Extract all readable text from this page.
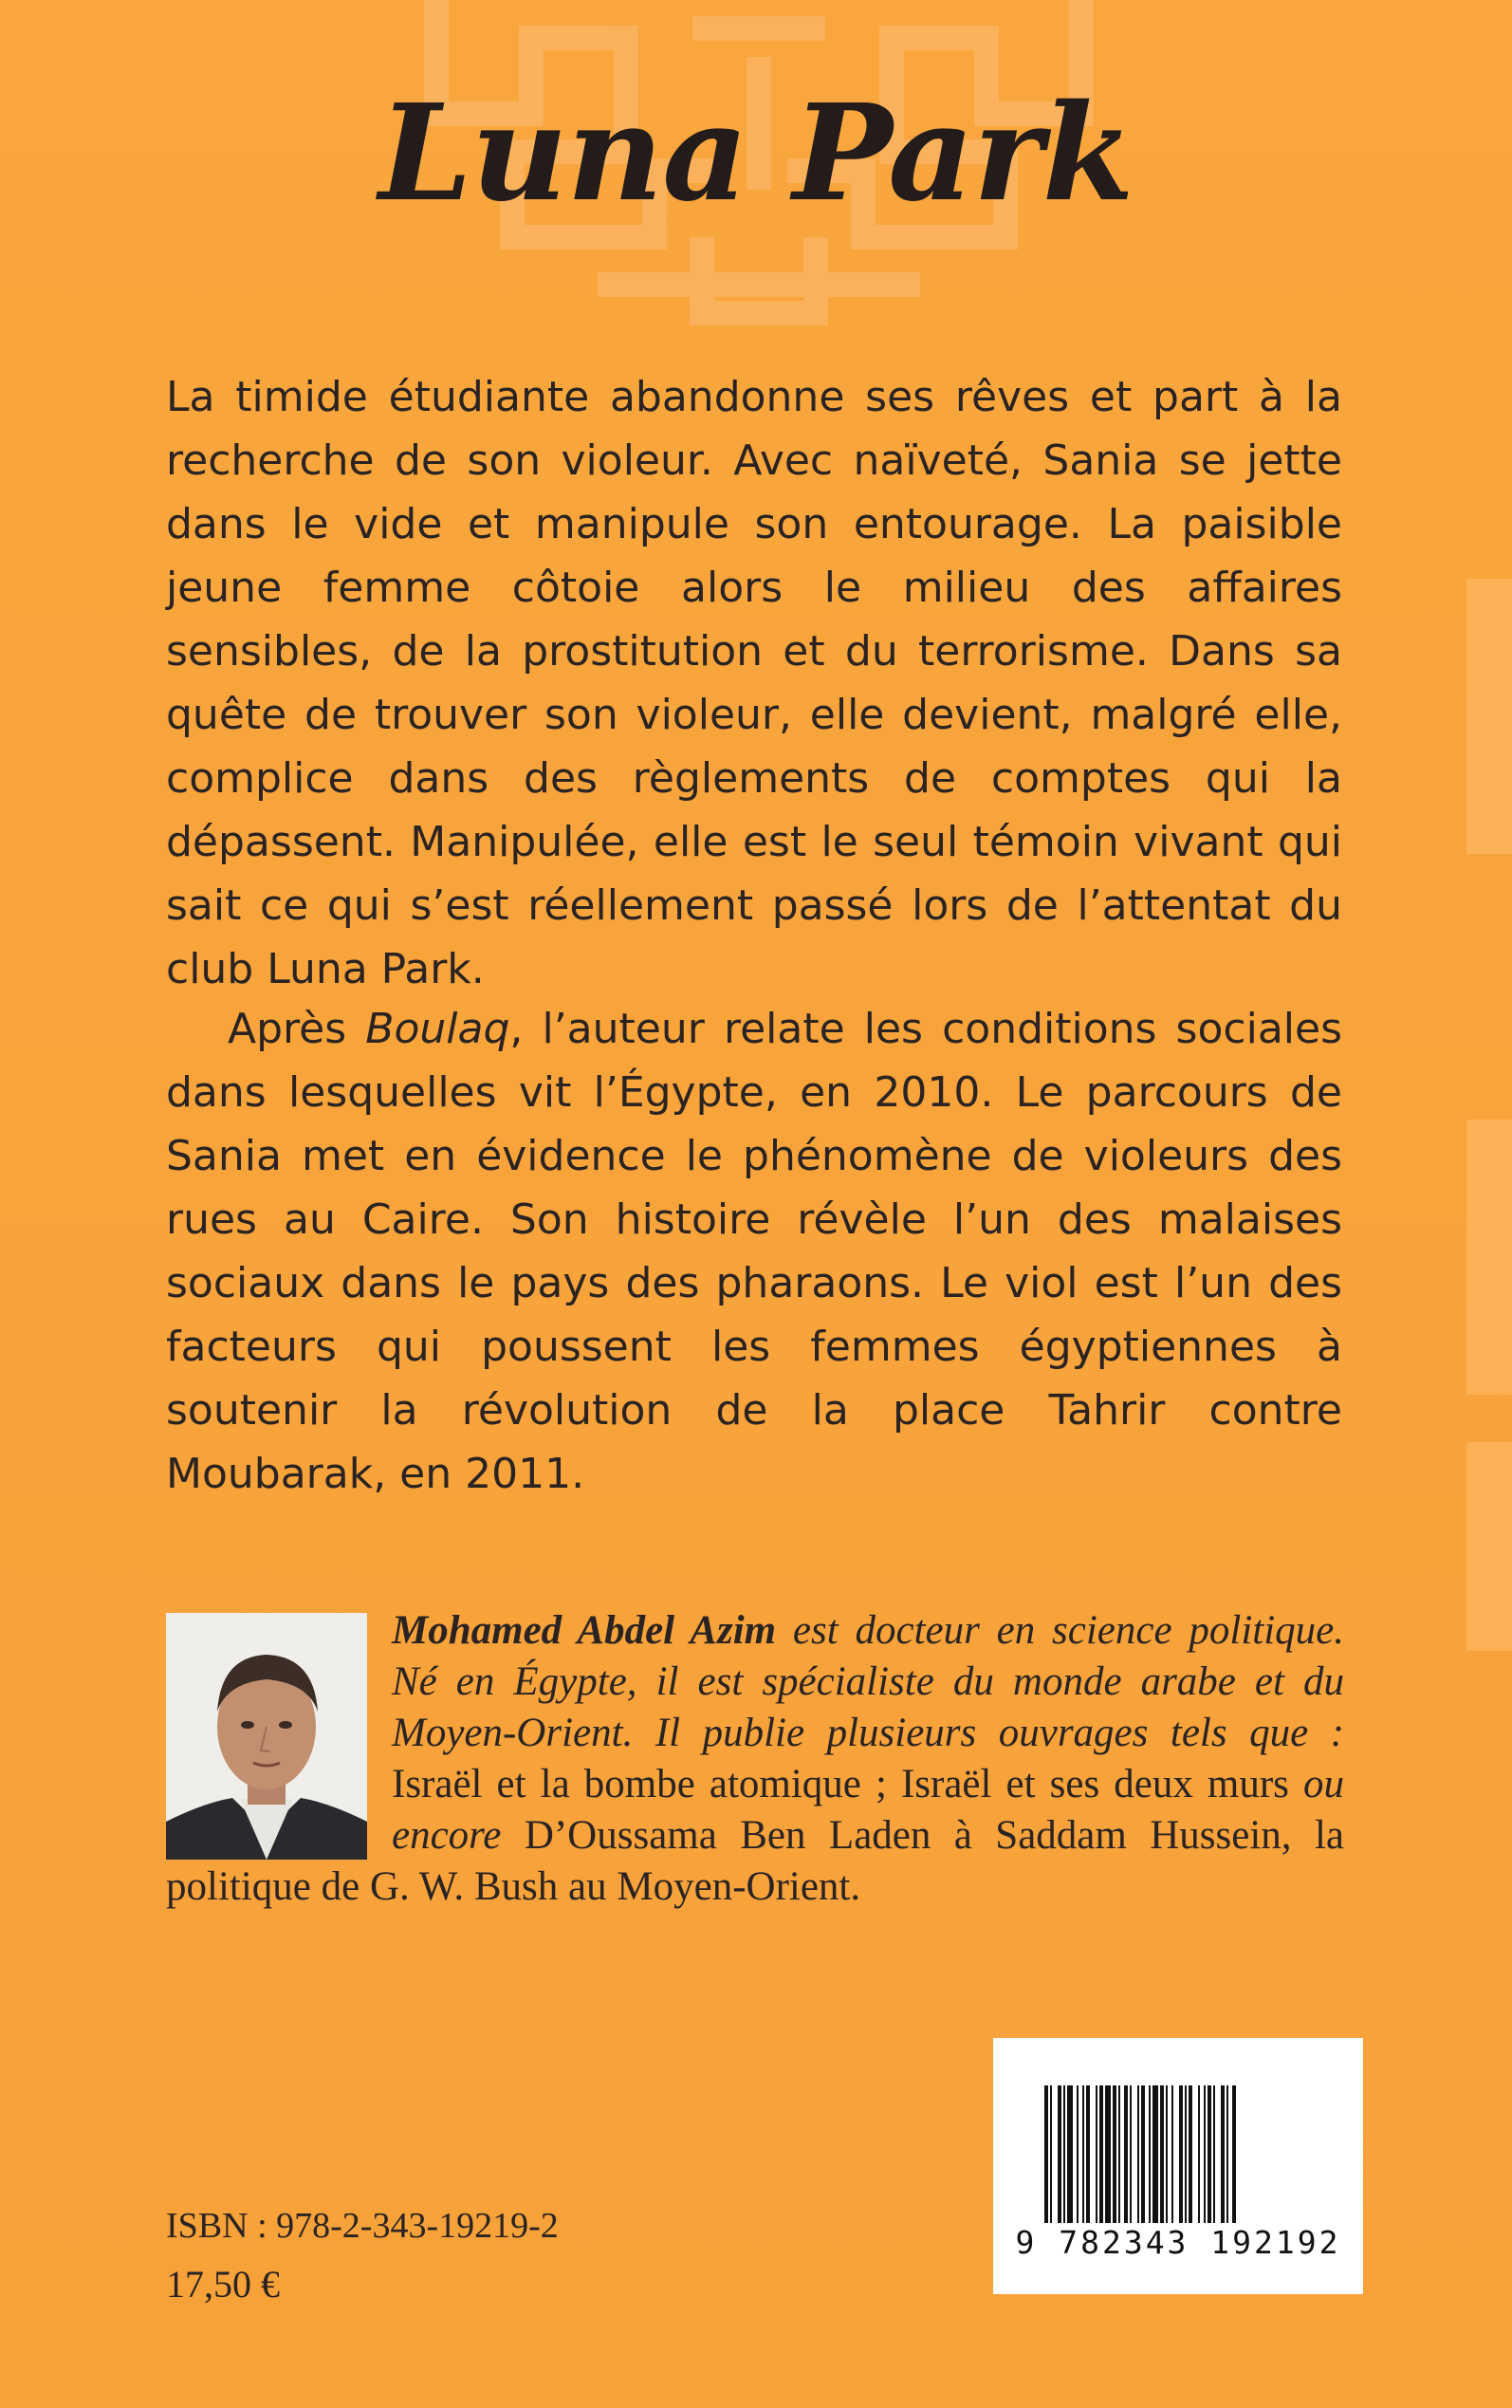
Luna Park
La timide étudiante abandonne ses rêves et part à la recherche de son violeur. Avec naïveté, Sania se jette dans le vide et manipule son entourage. La paisible jeune femme côtoie alors le milieu des affaires sensibles, de la prostitution et du terrorisme. Dans sa quête de trouver son violeur, elle devient, malgré elle, complice dans des règlements de comptes qui la dépassent. Manipulée, elle est le seul témoin vivant qui sait ce qui s’est réellement passé lors de l’attentat du club Luna Park.
Après Boulaq, l’auteur relate les conditions sociales dans lesquelles vit l’Égypte, en 2010. Le parcours de Sania met en évidence le phénomène de violeurs des rues au Caire. Son histoire révèle l’un des malaises sociaux dans le pays des pharaons. Le viol est l’un des facteurs qui poussent les femmes égyptiennes à soutenir la révolution de la place Tahrir contre Moubarak, en 2011.
Mohamed Abdel Azim est docteur en science politique. Né en Égypte, il est spécialiste du monde arabe et du Moyen-Orient. Il publie plusieurs ouvrages tels que : Israël et la bombe atomique ; Israël et ses deux murs ou encore D’Oussama Ben Laden à Saddam Hussein, la politique de G. W. Bush au Moyen-Orient.
ISBN : 978-2-343-19219-2
17,50 €
9 782343 192192
